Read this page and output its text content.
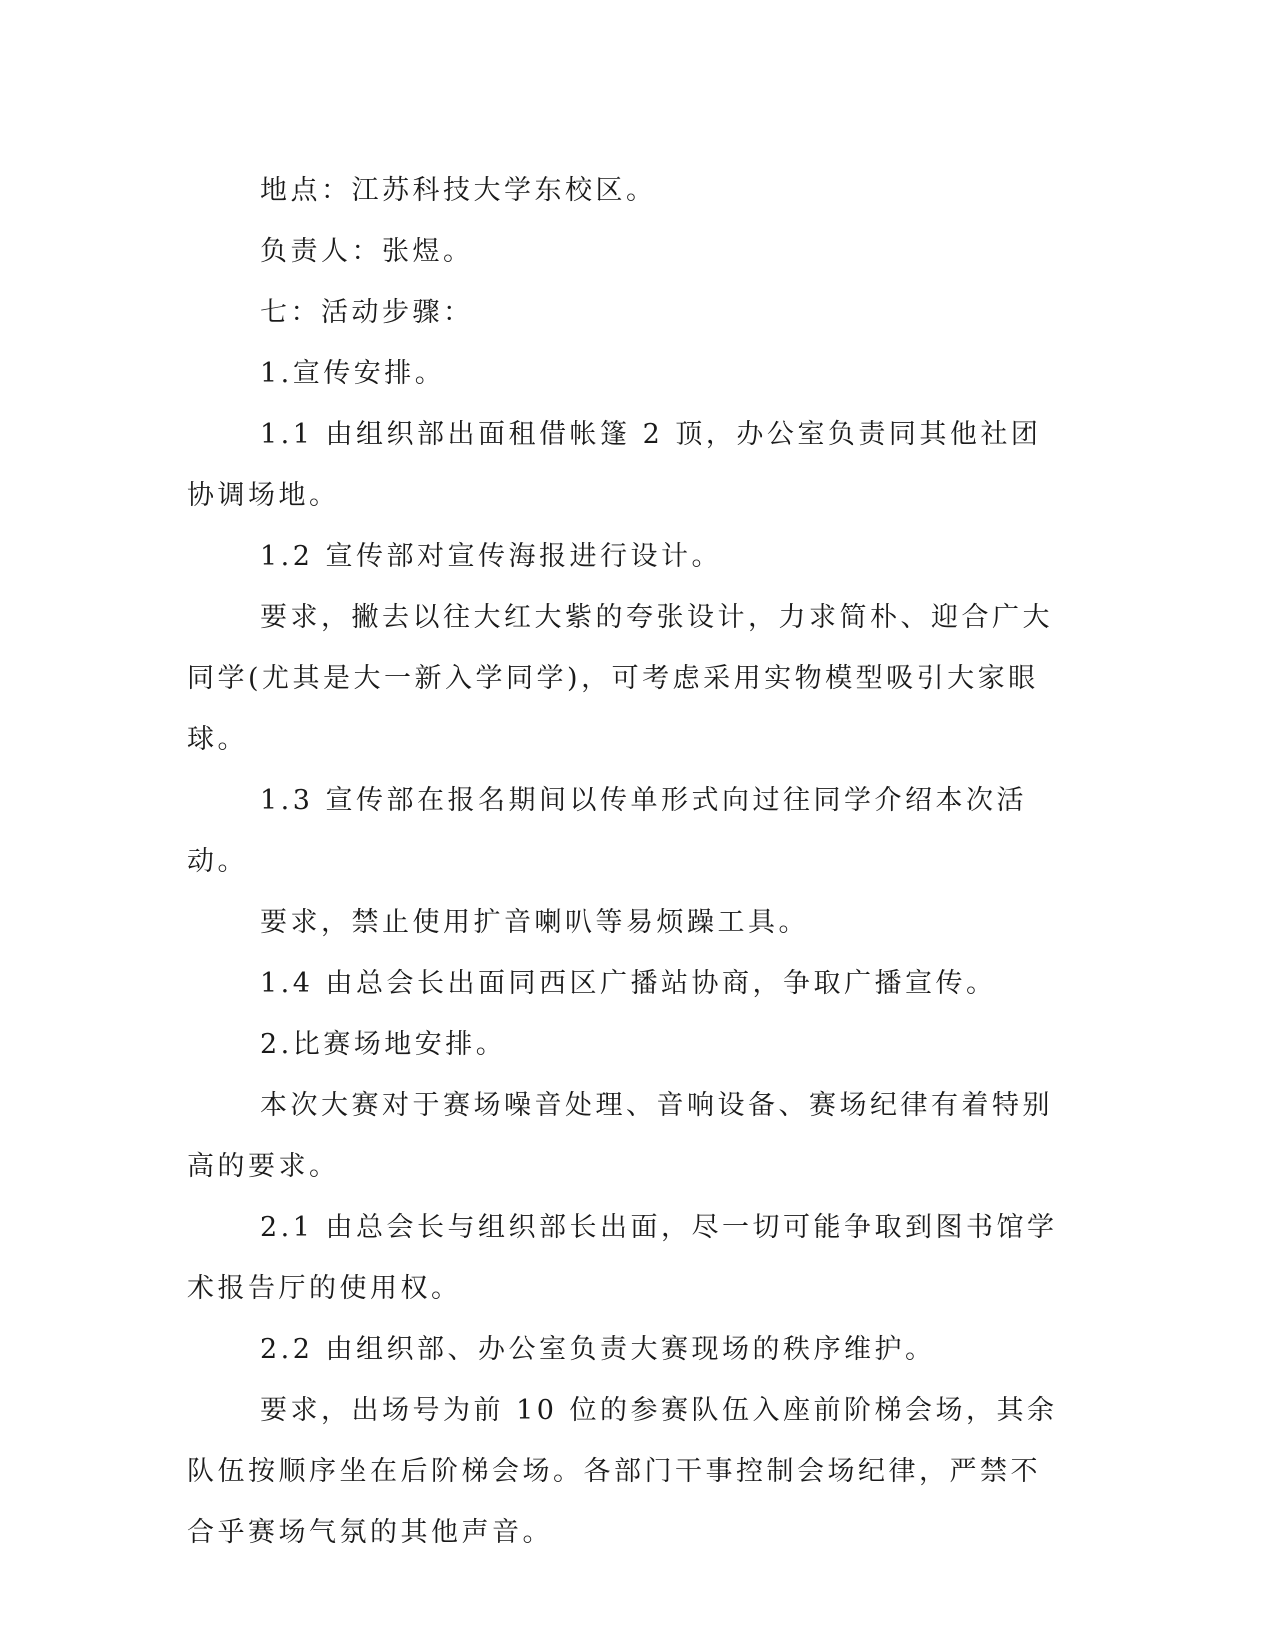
地点：江苏科技大学东校区。

负责人：张煜。

七：活动步骤：

1.宣传安排。

1.1 由组织部出面租借帐篷 2 顶，办公室负责同其他社团协调场地。

1.2 宣传部对宣传海报进行设计。

要求，撇去以往大红大紫的夸张设计，力求简朴、迎合广大同学(尤其是大一新入学同学)，可考虑采用实物模型吸引大家眼球。

1.3 宣传部在报名期间以传单形式向过往同学介绍本次活动。

要求，禁止使用扩音喇叭等易烦躁工具。

1.4 由总会长出面同西区广播站协商，争取广播宣传。

2.比赛场地安排。

本次大赛对于赛场噪音处理、音响设备、赛场纪律有着特别高的要求。

2.1 由总会长与组织部长出面，尽一切可能争取到图书馆学术报告厅的使用权。

2.2 由组织部、办公室负责大赛现场的秩序维护。

要求，出场号为前 10 位的参赛队伍入座前阶梯会场，其余队伍按顺序坐在后阶梯会场。各部门干事控制会场纪律，严禁不合乎赛场气氛的其他声音。
